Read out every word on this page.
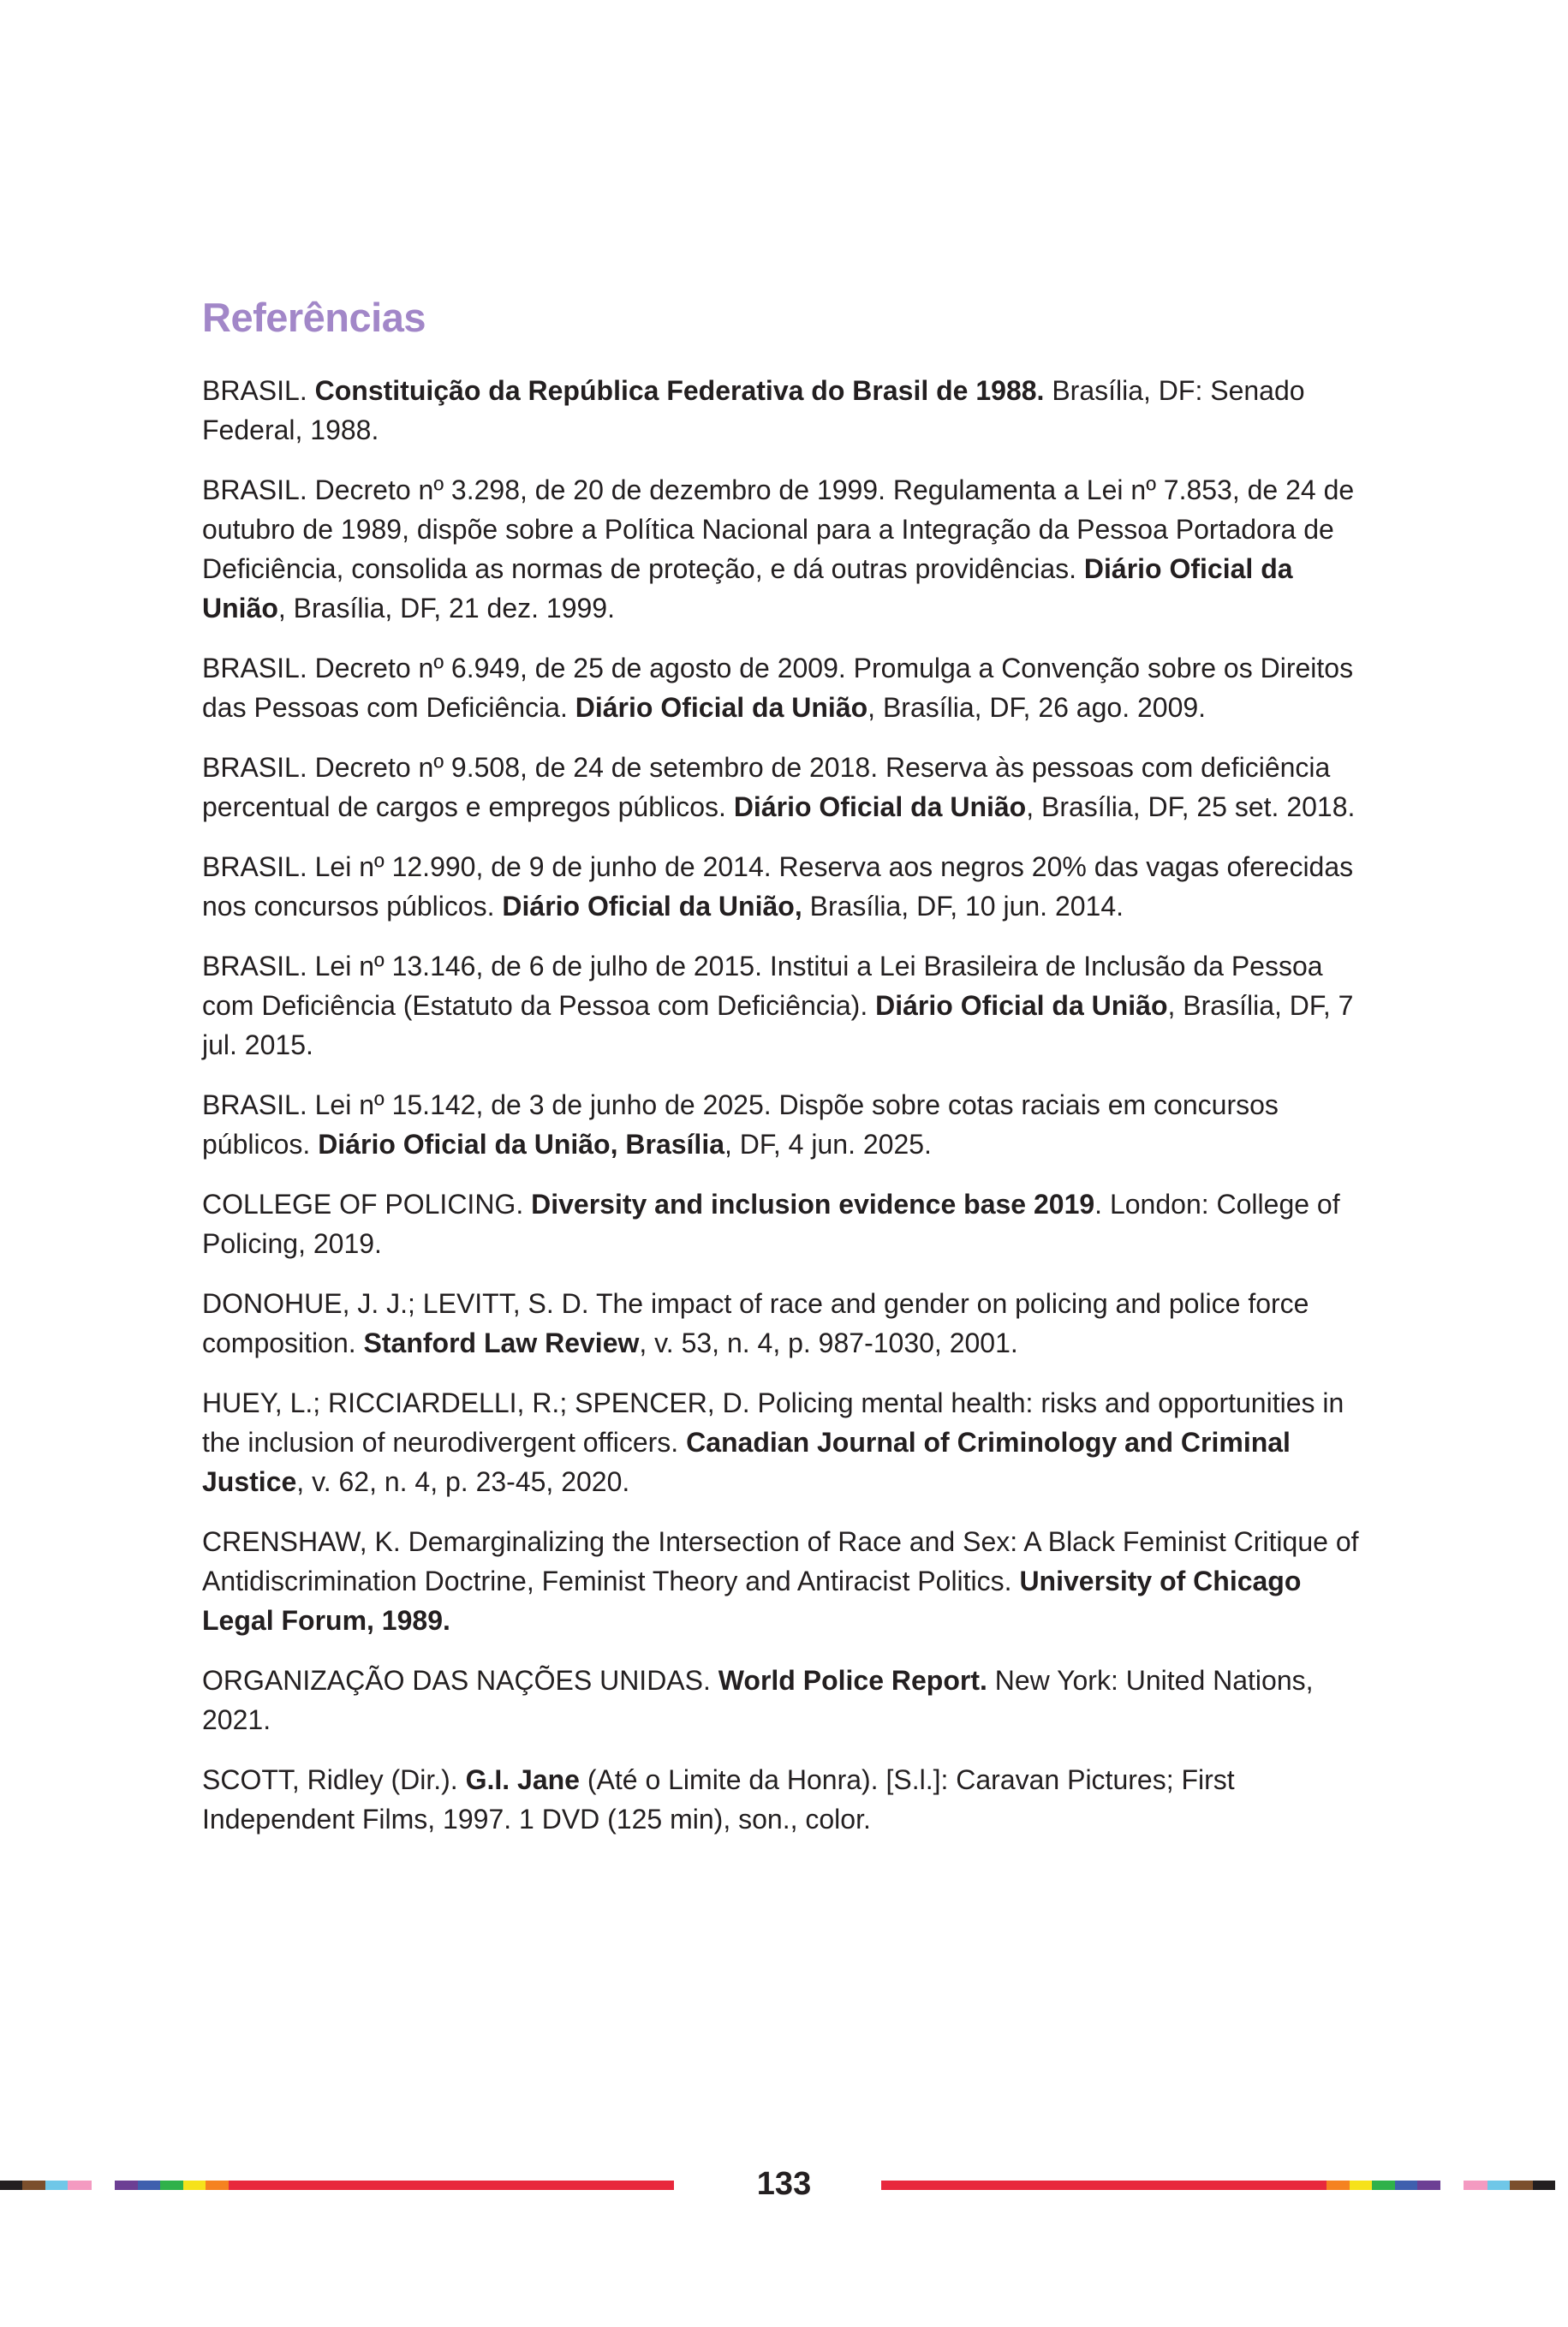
Referências

BRASIL. Constituição da República Federativa do Brasil de 1988. Brasília, DF: Senado Federal, 1988.

BRASIL. Decreto nº 3.298, de 20 de dezembro de 1999. Regulamenta a Lei nº 7.853, de 24 de outubro de 1989, dispõe sobre a Política Nacional para a Integração da Pessoa Portadora de Deficiência, consolida as normas de proteção, e dá outras providências. Diário Oficial da União, Brasília, DF, 21 dez. 1999.

BRASIL. Decreto nº 6.949, de 25 de agosto de 2009. Promulga a Convenção sobre os Direitos das Pessoas com Deficiência. Diário Oficial da União, Brasília, DF, 26 ago. 2009.

BRASIL. Decreto nº 9.508, de 24 de setembro de 2018. Reserva às pessoas com deficiência percentual de cargos e empregos públicos. Diário Oficial da União, Brasília, DF, 25 set. 2018.

BRASIL. Lei nº 12.990, de 9 de junho de 2014. Reserva aos negros 20% das vagas oferecidas nos concursos públicos. Diário Oficial da União, Brasília, DF, 10 jun. 2014.

BRASIL. Lei nº 13.146, de 6 de julho de 2015. Institui a Lei Brasileira de Inclusão da Pessoa com Deficiência (Estatuto da Pessoa com Deficiência). Diário Oficial da União, Brasília, DF, 7 jul. 2015.

BRASIL. Lei nº 15.142, de 3 de junho de 2025. Dispõe sobre cotas raciais em concursos públicos. Diário Oficial da União, Brasília, DF, 4 jun. 2025.

COLLEGE OF POLICING. Diversity and inclusion evidence base 2019. London: College of Policing, 2019.

DONOHUE, J. J.; LEVITT, S. D. The impact of race and gender on policing and police force composition. Stanford Law Review, v. 53, n. 4, p. 987-1030, 2001.

HUEY, L.; RICCIARDELLI, R.; SPENCER, D. Policing mental health: risks and opportunities in the inclusion of neurodivergent officers. Canadian Journal of Criminology and Criminal Justice, v. 62, n. 4, p. 23-45, 2020.

CRENSHAW, K. Demarginalizing the Intersection of Race and Sex: A Black Feminist Critique of Antidiscrimination Doctrine, Feminist Theory and Antiracist Politics. University of Chicago Legal Forum, 1989.

ORGANIZAÇÃO DAS NAÇÕES UNIDAS. World Police Report. New York: United Nations, 2021.

SCOTT, Ridley (Dir.). G.I. Jane (Até o Limite da Honra). [S.l.]: Caravan Pictures; First Independent Films, 1997. 1 DVD (125 min), son., color.

133
